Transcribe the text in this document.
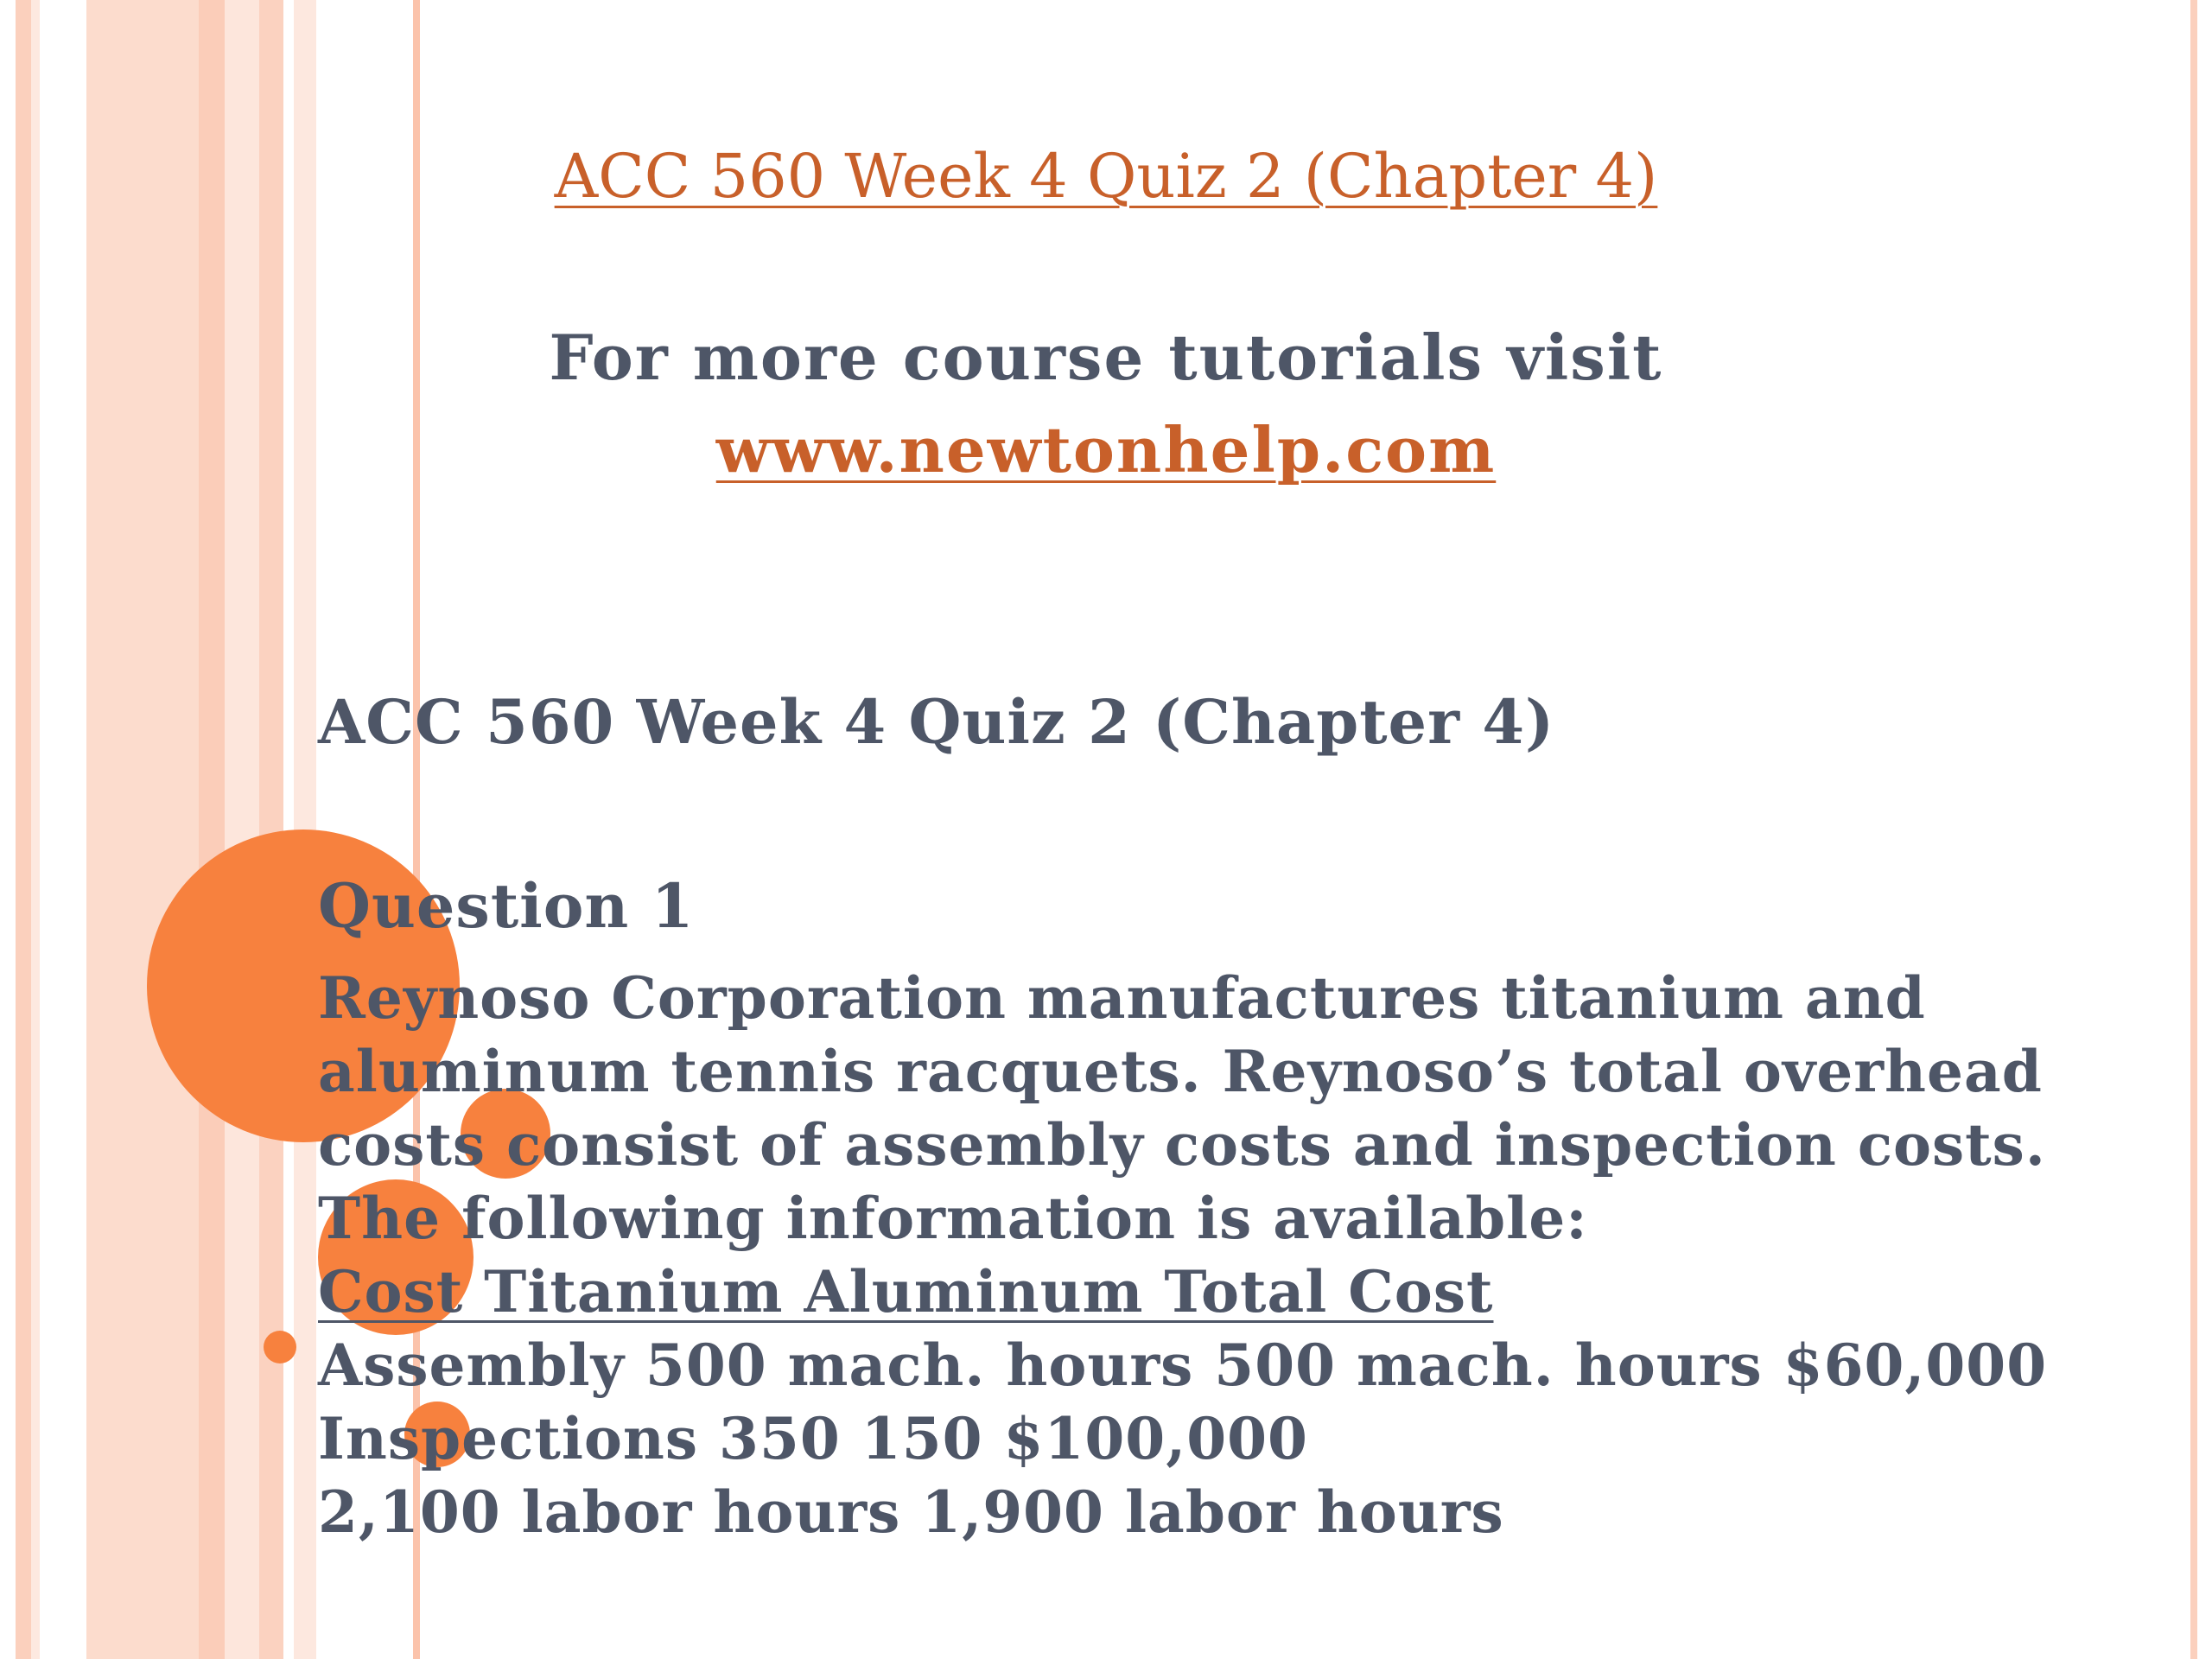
ACC 560 Week 4 Quiz 2 (Chapter 4)
For more course tutorials visit
www.newtonhelp.com
ACC 560 Week 4 Quiz 2 (Chapter 4)
Question 1
Reynoso Corporation manufactures titanium and
aluminum tennis racquets. Reynoso’s total overhead
costs consist of assembly costs and inspection costs.
The following information is available:
Cost Titanium Aluminum Total Cost
Assembly 500 mach. hours 500 mach. hours $60,000
Inspections 350 150 $100,000
2,100 labor hours 1,900 labor hours
